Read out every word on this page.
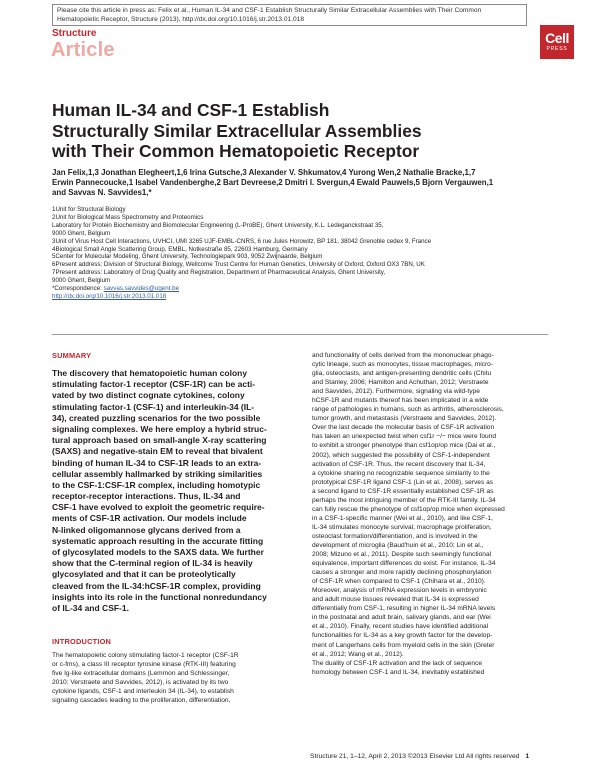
Please cite this article in press as: Felix et al., Human IL-34 and CSF-1 Establish Structurally Similar Extracellular Assemblies with Their Common
Hematopoietic Receptor, Structure (2013), http://dx.doi.org/10.1016/j.str.2013.01.018
Structure
Article
Cell
PRESS
Human IL-34 and CSF-1 Establish
Structurally Similar Extracellular Assemblies
with Their Common Hematopoietic Receptor
Jan Felix,1,3 Jonathan Elegheert,1,6 Irina Gutsche,3 Alexander V. Shkumatov,4 Yurong Wen,2 Nathalie Bracke,1,7
Erwin Pannecoucke,1 Isabel Vandenberghe,2 Bart Devreese,2 Dmitri I. Svergun,4 Ewald Pauwels,5 Bjorn Vergauwen,1
and Savvas N. Savvides1,*
1Unit for Structural Biology
2Unit for Biological Mass Spectrometry and Proteomics
Laboratory for Protein Biochemistry and Biomolecular Engineering (L-ProBE), Ghent University, K.L. Ledeganckstraat 35,
9000 Ghent, Belgium
3Unit of Virus Host Cell Interactions, UVHCI, UMI 3265 UJF-EMBL-CNRS, 6 rue Jules Horowitz, BP 181, 38042 Grenoble cedex 9, France
4Biological Small Angle Scattering Group, EMBL, Notkestraße 85, 22603 Hamburg, Germany
5Center for Molecular Modeling, Ghent University, Technologiepark 903, 9052 Zwijnaarde, Belgium
6Present address: Division of Structural Biology, Wellcome Trust Centre for Human Genetics, University of Oxford, Oxford OX3 7BN, UK
7Present address: Laboratory of Drug Quality and Registration, Department of Pharmaceutical Analysis, Ghent University,
9000 Ghent, Belgium
*Correspondence: savvas.savvides@ugent.be
http://dx.doi.org/10.1016/j.str.2013.01.018
SUMMARY
The discovery that hematopoietic human colony
stimulating factor-1 receptor (CSF-1R) can be acti-
vated by two distinct cognate cytokines, colony
stimulating factor-1 (CSF-1) and interleukin-34 (IL-
34), created puzzling scenarios for the two possible
signaling complexes. We here employ a hybrid struc-
tural approach based on small-angle X-ray scattering
(SAXS) and negative-stain EM to reveal that bivalent
binding of human IL-34 to CSF-1R leads to an extra-
cellular assembly hallmarked by striking similarities
to the CSF-1:CSF-1R complex, including homotypic
receptor-receptor interactions. Thus, IL-34 and
CSF-1 have evolved to exploit the geometric require-
ments of CSF-1R activation. Our models include
N-linked oligomannose glycans derived from a
systematic approach resulting in the accurate fitting
of glycosylated models to the SAXS data. We further
show that the C-terminal region of IL-34 is heavily
glycosylated and that it can be proteolytically
cleaved from the IL-34:hCSF-1R complex, providing
insights into its role in the functional nonredundancy
of IL-34 and CSF-1.
INTRODUCTION
The hematopoietic colony stimulating factor-1 receptor (CSF-1R
or c-fms), a class III receptor tyrosine kinase (RTK-III) featuring
five Ig-like extracellular domains (Lemmon and Schlessinger,
2010; Verstraete and Savvides, 2012), is activated by its two
cytokine ligands, CSF-1 and interleukin 34 (IL-34), to establish
signaling cascades leading to the proliferation, differentiation,
and functionality of cells derived from the mononuclear phago-
cytic lineage, such as monocytes, tissue macrophages, micro-
glia, osteoclasts, and antigen-presenting dendritic cells (Chitu
and Stanley, 2006; Hamilton and Achuthan, 2012; Verstraete
and Savvides, 2012). Furthermore, signaling via wild-type
hCSF-1R and mutants thereof has been implicated in a wide
range of pathologies in humans, such as arthritis, atherosclerosis,
tumor growth, and metastasis (Verstraete and Savvides, 2012).
Over the last decade the molecular basis of CSF-1R activation
has taken an unexpected twist when csf1r −/− mice were found
to exhibit a stronger phenotype than csf1op/op mice (Dai et al.,
2002), which suggested the possibility of CSF-1-independent
activation of CSF-1R. Thus, the recent discovery that IL-34,
a cytokine sharing no recognizable sequence similarity to the
prototypical CSF-1R ligand CSF-1 (Lin et al., 2008), serves as
a second ligand to CSF-1R essentially established CSF-1R as
perhaps the most intriguing member of the RTK-III family. IL-34
can fully rescue the phenotype of csf1op/op mice when expressed
in a CSF-1-specific manner (Wei et al., 2010), and like CSF-1,
IL-34 stimulates monocyte survival, macrophage proliferation,
osteoclast formation/differentiation, and is involved in the
development of microglia (Baud'huin et al., 2010; Lin et al.,
2008; Mizuno et al., 2011). Despite such seemingly functional
equivalence, important differences do exist. For instance, IL-34
causes a stronger and more rapidly declining phosphorylation
of CSF-1R when compared to CSF-1 (Chihara et al., 2010).
Moreover, analysis of mRNA expression levels in embryonic
and adult mouse tissues revealed that IL-34 is expressed
differentially from CSF-1, resulting in higher IL-34 mRNA levels
in the postnatal and adult brain, salivary glands, and ear (Wei
et al., 2010). Finally, recent studies have identified additional
functionalities for IL-34 as a key growth factor for the develop-
ment of Langerhans cells from myeloid cells in the skin (Greter
et al., 2012; Wang et al., 2012).
The duality of CSF-1R activation and the lack of sequence
homology between CSF-1 and IL-34, inevitably established
Structure 21, 1–12, April 2, 2013 ©2013 Elsevier Ltd All rights reserved 1
